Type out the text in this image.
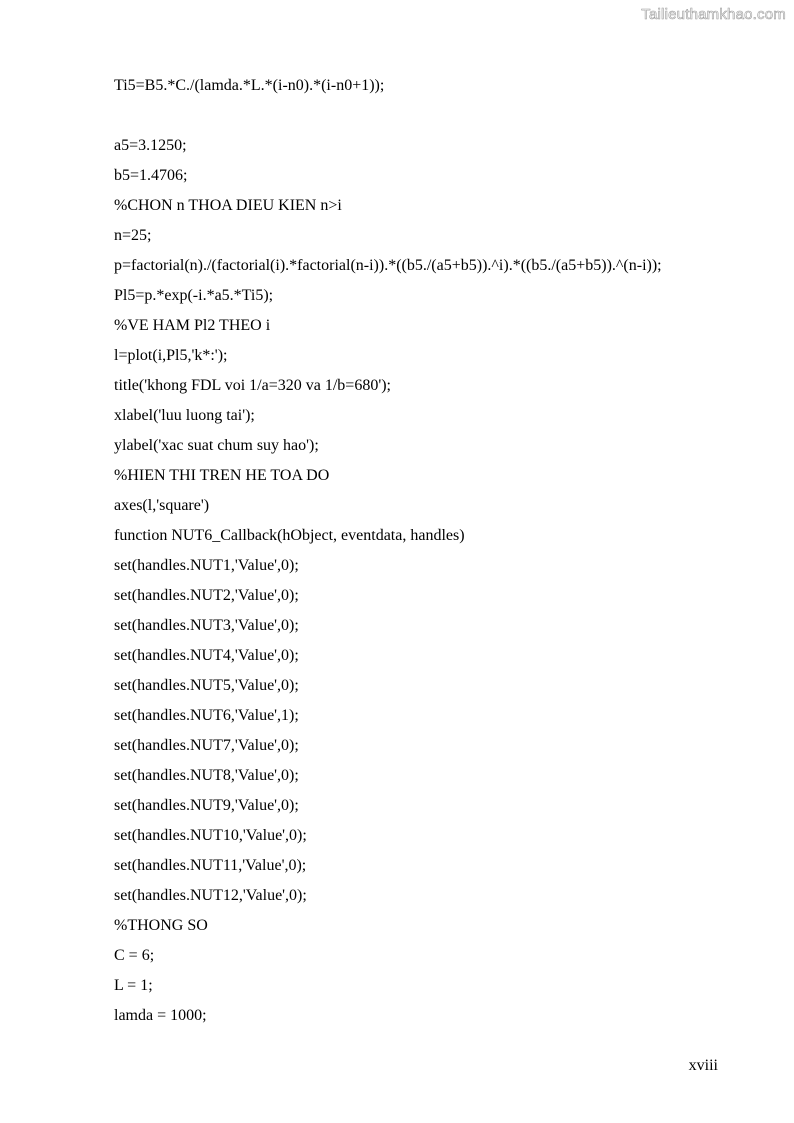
Tailieuthamkhao.com
Ti5=B5.*C./(lamda.*L.*(i-n0).*(i-n0+1));
a5=3.1250;
b5=1.4706;
%CHON n THOA DIEU KIEN n>i
n=25;
p=factorial(n)./(factorial(i).*factorial(n-i)).*((b5./(a5+b5)).^i).*((b5./(a5+b5)).^(n-i));
Pl5=p.*exp(-i.*a5.*Ti5);
%VE HAM Pl2 THEO i
l=plot(i,Pl5,'k*:');
title('khong FDL voi 1/a=320 va 1/b=680');
xlabel('luu luong tai');
ylabel('xac suat chum suy hao');
%HIEN THI TREN HE TOA DO
axes(l,'square')
function NUT6_Callback(hObject, eventdata, handles)
set(handles.NUT1,'Value',0);
set(handles.NUT2,'Value',0);
set(handles.NUT3,'Value',0);
set(handles.NUT4,'Value',0);
set(handles.NUT5,'Value',0);
set(handles.NUT6,'Value',1);
set(handles.NUT7,'Value',0);
set(handles.NUT8,'Value',0);
set(handles.NUT9,'Value',0);
set(handles.NUT10,'Value',0);
set(handles.NUT11,'Value',0);
set(handles.NUT12,'Value',0);
%THONG SO
C = 6;
L = 1;
lamda = 1000;
xviii
